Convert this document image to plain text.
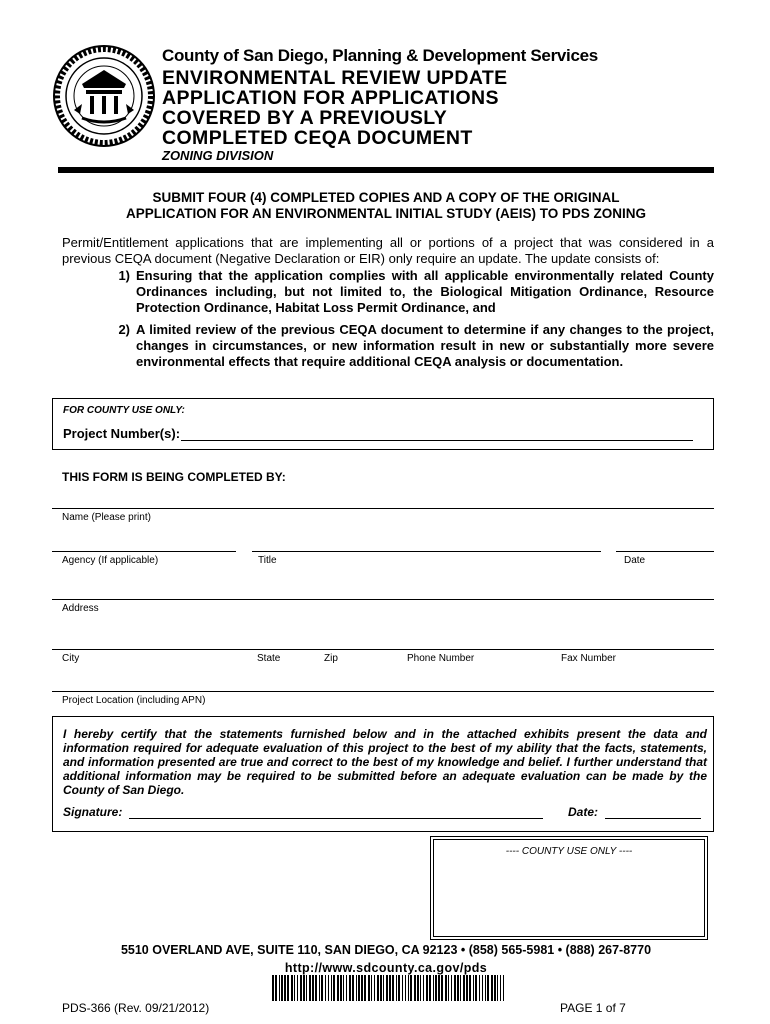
County of San Diego, Planning & Development Services
ENVIRONMENTAL REVIEW UPDATE
APPLICATION FOR APPLICATIONS
COVERED BY A PREVIOUSLY
COMPLETED CEQA DOCUMENT
ZONING DIVISION
SUBMIT FOUR (4) COMPLETED COPIES AND A COPY OF THE ORIGINAL
APPLICATION FOR AN ENVIRONMENTAL INITIAL STUDY (AEIS) TO PDS ZONING
Permit/Entitlement applications that are implementing all or portions of a project that was considered in a previous CEQA document (Negative Declaration or EIR) only require an update. The update consists of:
1) Ensuring that the application complies with all applicable environmentally related County Ordinances including, but not limited to, the Biological Mitigation Ordinance, Resource Protection Ordinance, Habitat Loss Permit Ordinance, and
2) A limited review of the previous CEQA document to determine if any changes to the project, changes in circumstances, or new information result in new or substantially more severe environmental effects that require additional CEQA analysis or documentation.
FOR COUNTY USE ONLY:
Project Number(s):
THIS FORM IS BEING COMPLETED BY:
Name (Please print)
Agency (If applicable)	Title	Date
Address
City	State	Zip	Phone Number	Fax Number
Project Location (including APN)
I hereby certify that the statements furnished below and in the attached exhibits present the data and information required for adequate evaluation of this project to the best of my ability that the facts, statements, and information presented are true and correct to the best of my knowledge and belief. I further understand that additional information may be required to be submitted before an adequate evaluation can be made by the County of San Diego.
Signature:	Date:
---- COUNTY USE ONLY ----
5510 OVERLAND AVE, SUITE 110, SAN DIEGO, CA 92123 • (858) 565-5981 • (888) 267-8770
http://www.sdcounty.ca.gov/pds
PDS-366 (Rev. 09/21/2012)	PAGE 1 of 7
